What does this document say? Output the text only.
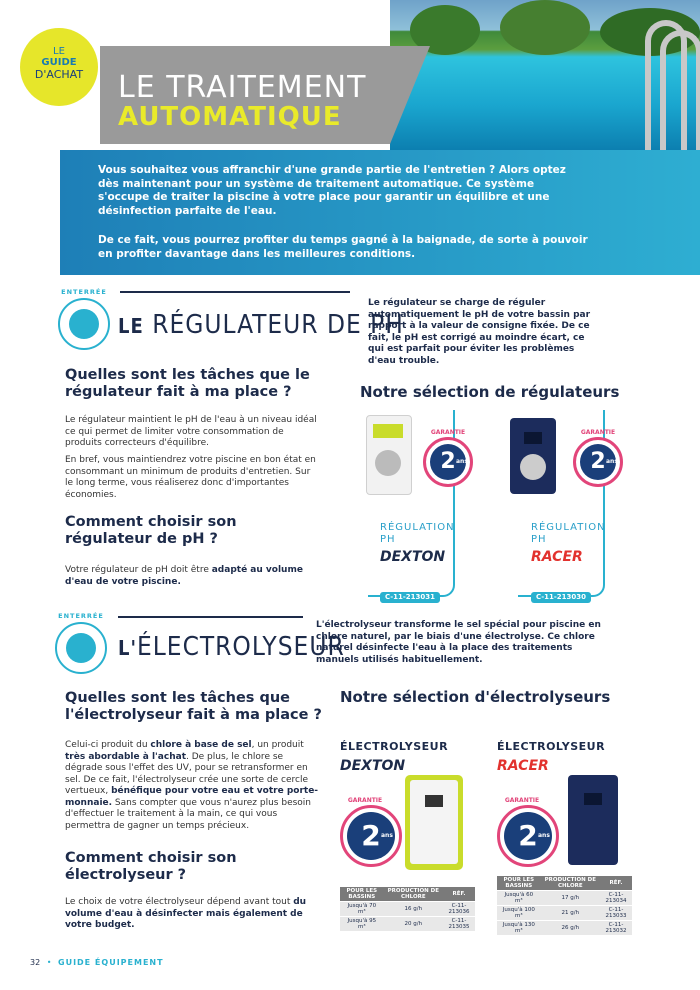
LE
GUIDE
D'ACHAT	LE TRAITEMENT
AUTOMATIQUE

Vous souhaitez vous affranchir d'une grande partie de l'entretien ? Alors optez dès maintenant pour un système de traitement automatique. Ce système s'occupe de traiter la piscine à votre place pour garantir un équilibre et une désinfection parfaite de l'eau.

De ce fait, vous pourrez profiter du temps gagné à la baignade, de sorte à pouvoir en profiter davantage dans les meilleures conditions.

ENTERRÉE
LE RÉGULATEUR DE PH
Le régulateur se charge de réguler automatiquement le pH de votre bassin par rapport à la valeur de consigne fixée. De ce fait, le pH est corrigé au moindre écart, ce qui est parfait pour éviter les problèmes d'eau trouble.
Quelles sont les tâches que le régulateur fait à ma place ?

Le régulateur maintient le pH de l'eau à un niveau idéal ce qui permet de limiter votre consommation de produits correcteurs d'équilibre.

En bref, vous maintiendrez votre piscine en bon état en consommant un minimum de produits d'entretien. Sur le long terme, vous réaliserez donc d'importantes économies.

Comment choisir son régulateur de pH ?

Votre régulateur de pH doit être adapté au volume d'eau de votre piscine.

Notre sélection de régulateurs
GARANTIE
2 ans
RÉGULATION
PH
DEXTON
C-11-213031
GARANTIE
2 ans
RÉGULATION
PH
RACER
C-11-213030
ENTERRÉE
L'ÉLECTROLYSEUR
L'électrolyseur transforme le sel spécial pour piscine en chlore naturel, par le biais d'une électrolyse. Ce chlore naturel désinfecte l'eau à la place des traitements manuels utilisés habituellement.
Quelles sont les tâches que l'électrolyseur fait à ma place ?

Celui-ci produit du chlore à base de sel, un produit très abordable à l'achat. De plus, le chlore se dégrade sous l'effet des UV, pour se retransformer en sel. De ce fait, l'électrolyseur crée une sorte de cercle vertueux, bénéfique pour votre eau et votre porte-monnaie. Sans compter que vous n'aurez plus besoin d'effectuer le traitement à la main, ce qui vous permettra de gagner un temps précieux.

Comment choisir son électrolyseur ?

Le choix de votre électrolyseur dépend avant tout du volume d'eau à désinfecter mais également de votre budget.

Notre sélection d'électrolyseurs
ÉLECTROLYSEUR
DEXTON
GARANTIE
2 ans
POUR LES BASSINS	PRODUCTION DE CHLORE	RÉF.
Jusqu'à 70 m³	16 g/h	C-11-213036
Jusqu'à 95 m³	20 g/h	C-11-213035
ÉLECTROLYSEUR
RACER
GARANTIE
2 ans
POUR LES BASSINS	PRODUCTION DE CHLORE	RÉF.
Jusqu'à 60 m³	17 g/h	C-11-213034
Jusqu'à 100 m³	21 g/h	C-11-213033
Jusqu'à 130 m³	26 g/h	C-11-213032
32 • GUIDE ÉQUIPEMENT
